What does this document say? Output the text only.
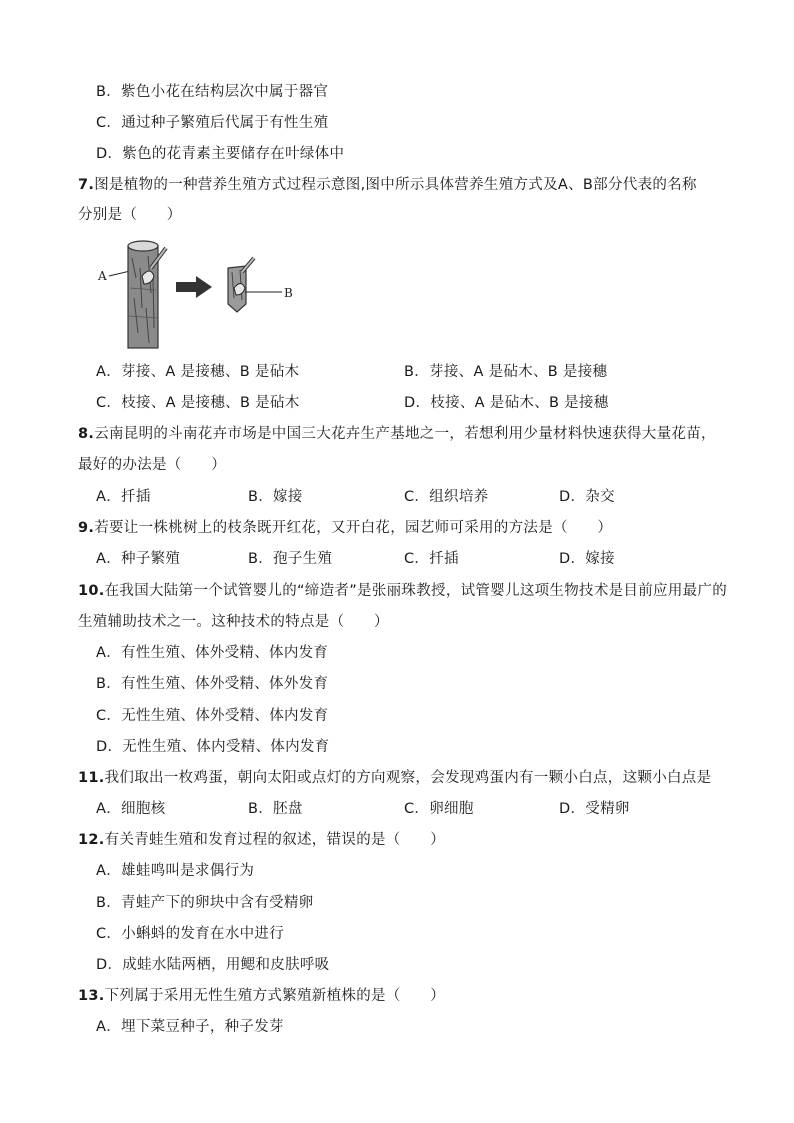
B．紫色小花在结构层次中属于器官
C．通过种子繁殖后代属于有性生殖
D．紫色的花青素主要储存在叶绿体中
7.图是植物的一种营养生殖方式过程示意图,图中所示具体营养生殖方式及A、B部分代表的名称
分别是（　　）
A
B
A．芽接、A 是接穗、B 是砧木	B．芽接、A 是砧木、B 是接穗
C．枝接、A 是接穗、B 是砧木	D．枝接、A 是砧木、B 是接穗
8.云南昆明的斗南花卉市场是中国三大花卉生产基地之一，若想利用少量材料快速获得大量花苗，
最好的办法是（　　）
A．扦插	B．嫁接	C．组织培养	D．杂交
9.若要让一株桃树上的枝条既开红花，又开白花，园艺师可采用的方法是（　　）
A．种子繁殖	B．孢子生殖	C．扦插	D．嫁接
10.在我国大陆第一个试管婴儿的“缔造者”是张丽珠教授，试管婴儿这项生物技术是目前应用最广的
生殖辅助技术之一。这种技术的特点是（　　）
A．有性生殖、体外受精、体内发育
B．有性生殖、体外受精、体外发育
C．无性生殖、体外受精、体内发育
D．无性生殖、体内受精、体内发育
11.我们取出一枚鸡蛋，朝向太阳或点灯的方向观察，会发现鸡蛋内有一颗小白点，这颗小白点是
A．细胞核	B．胚盘	C．卵细胞	D．受精卵
12.有关青蛙生殖和发育过程的叙述，错误的是（　　）
A．雄蛙鸣叫是求偶行为
B．青蛙产下的卵块中含有受精卵
C．小蝌蚪的发育在水中进行
D．成蛙水陆两栖，用鳃和皮肤呼吸
13.下列属于采用无性生殖方式繁殖新植株的是（　　）
A．埋下菜豆种子，种子发芽
